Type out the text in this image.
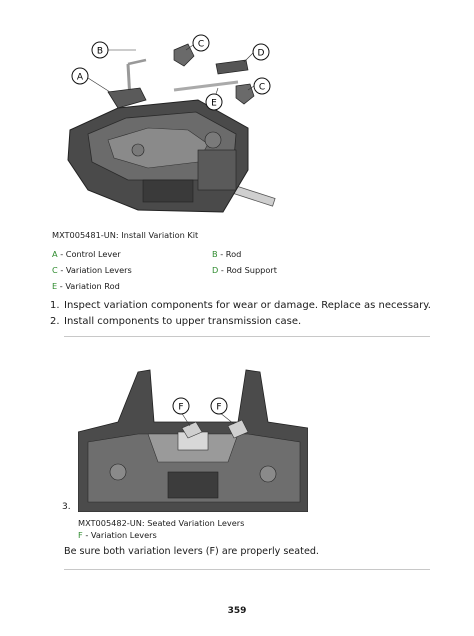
B
C
D
A
C
E
MXT005481-UN: Install Variation Kit
A - Control Lever	B - Rod
C - Variation Levers	D - Rod Support
E - Variation Rod
1. Inspect variation components for wear or damage. Replace as necessary.
2. Install components to upper transmission case.
F	F
3.
MXT005482-UN: Seated Variation Levers
F - Variation Levers
Be sure both variation levers (F) are properly seated.
359
